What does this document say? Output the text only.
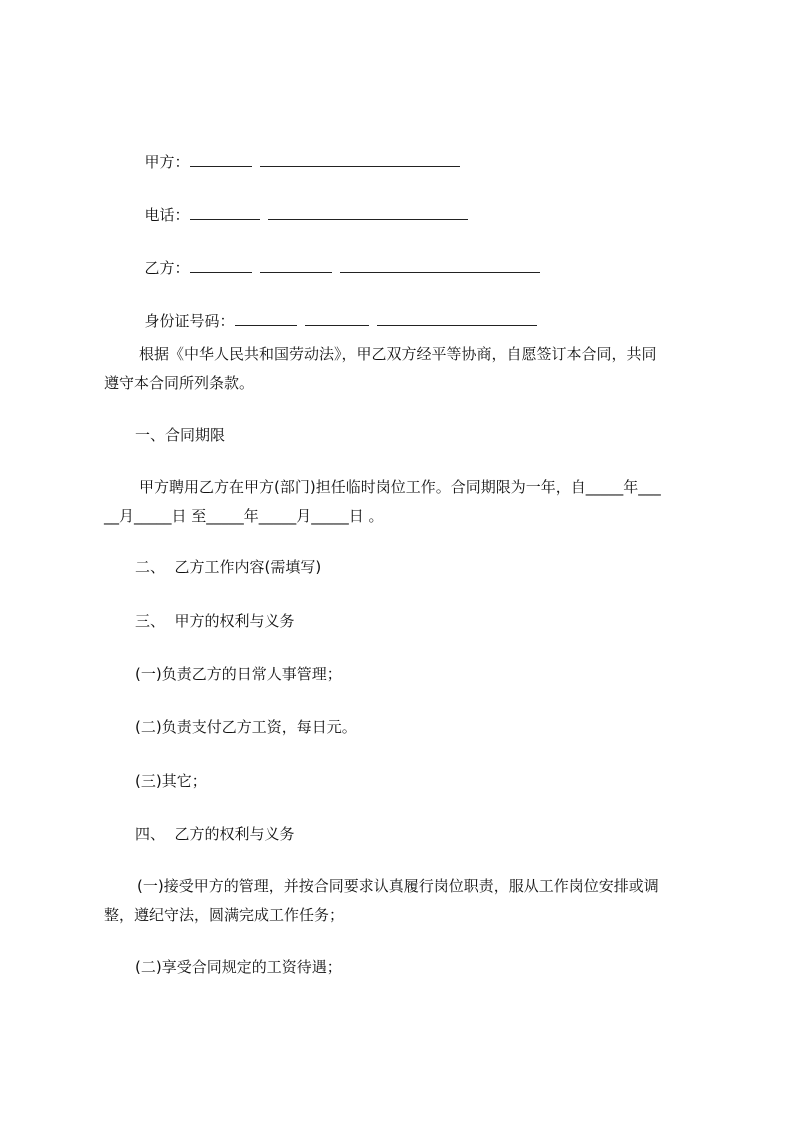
甲方：

电话：

乙方：

身份证号码：

根据《中华人民共和国劳动法》，甲乙双方经平等协商，自愿签订本合同，共同
遵守本合同所列条款。
一、合同期限
甲方聘用乙方在甲方(部门)担任临时岗位工作。合同期限为一年，自_____年___
__月_____日 至_____年_____月_____日 。
二、  乙方工作内容(需填写)
三、  甲方的权利与义务
(一)负责乙方的日常人事管理；
(二)负责支付乙方工资，每日元。
(三)其它；
四、  乙方的权利与义务
(一)接受甲方的管理，并按合同要求认真履行岗位职责，服从工作岗位安排或调
整，遵纪守法，圆满完成工作任务；
(二)享受合同规定的工资待遇；
